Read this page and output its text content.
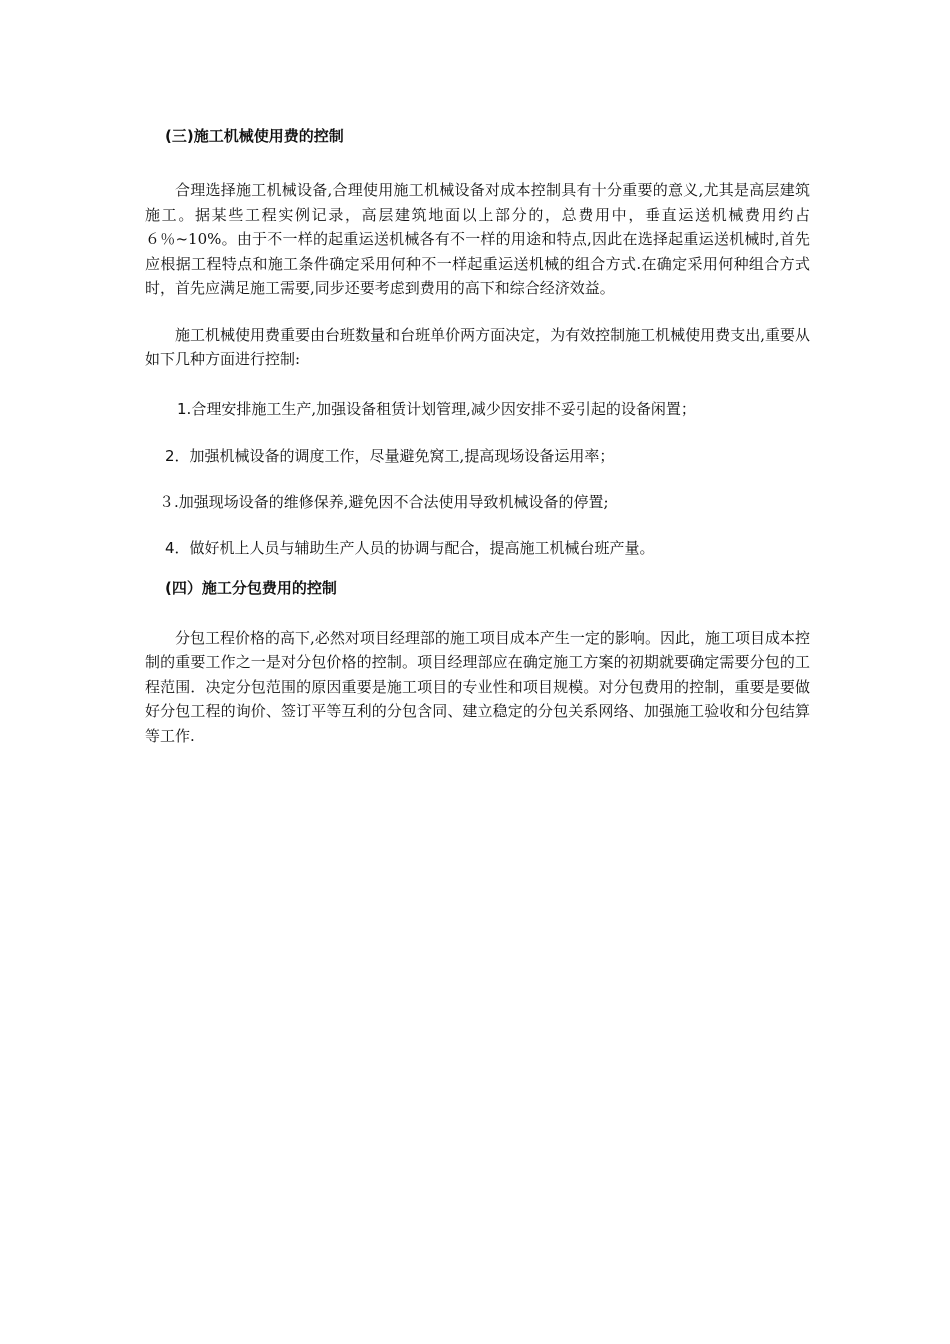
(三)施工机械使用费的控制

合理选择施工机械设备,合理使用施工机械设备对成本控制具有十分重要的意义,尤其是高层建筑施工。据某些工程实例记录，高层建筑地面以上部分的，总费用中，垂直运送机械费用约占６％~10%。由于不一样的起重运送机械各有不一样的用途和特点,因此在选择起重运送机械时,首先应根据工程特点和施工条件确定采用何种不一样起重运送机械的组合方式.在确定采用何种组合方式时，首先应满足施工需要,同步还要考虑到费用的高下和综合经济效益。

施工机械使用费重要由台班数量和台班单价两方面决定，为有效控制施工机械使用费支出,重要从如下几种方面进行控制:

1.合理安排施工生产,加强设备租赁计划管理,减少因安排不妥引起的设备闲置；

2．加强机械设备的调度工作，尽量避免窝工,提高现场设备运用率；

３.加强现场设备的维修保养,避免因不合法使用导致机械设备的停置;

4．做好机上人员与辅助生产人员的协调与配合，提高施工机械台班产量。

(四）施工分包费用的控制

分包工程价格的高下,必然对项目经理部的施工项目成本产生一定的影响。因此，施工项目成本控制的重要工作之一是对分包价格的控制。项目经理部应在确定施工方案的初期就要确定需要分包的工程范围．决定分包范围的原因重要是施工项目的专业性和项目规模。对分包费用的控制，重要是要做好分包工程的询价、签订平等互利的分包含同、建立稳定的分包关系网络、加强施工验收和分包结算等工作.
